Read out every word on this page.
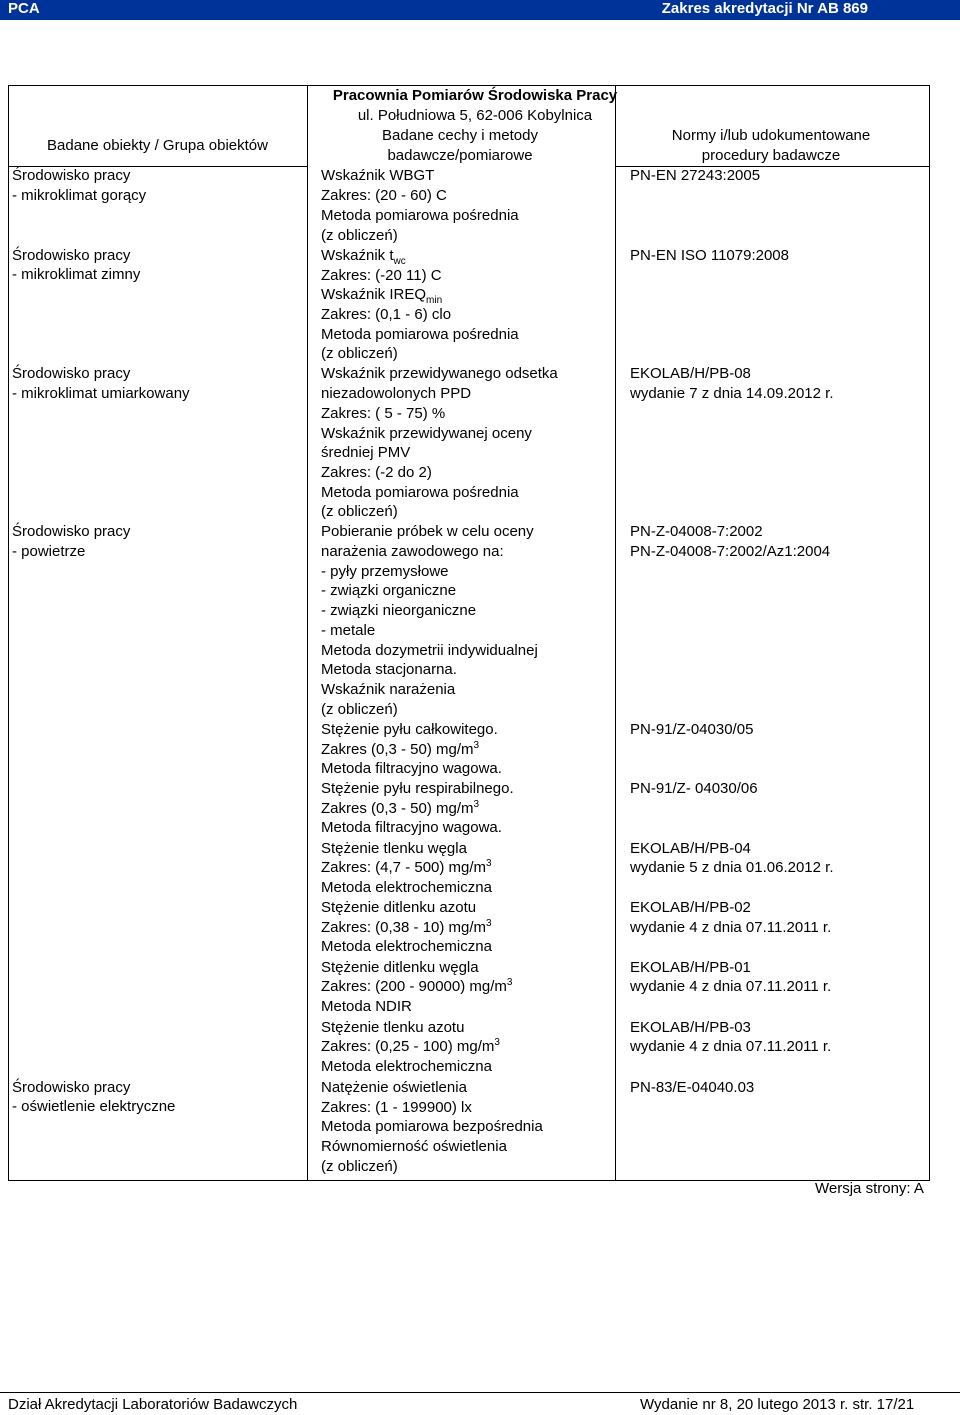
PCA	Zakres akredytacji Nr AB 869
Pracownia Pomiarów Środowiska Pracy
ul. Południowa 5, 62-006 Kobylnica
Badane obiekty / Grupa obiektów
Badane cechy i metody
badawcze/pomiarowe
Normy i/lub udokumentowane
procedury badawcze
Środowisko pracy
- mikroklimat gorący
Wskaźnik WBGT
Zakres: (20 - 60) C
Metoda pomiarowa pośrednia
(z obliczeń)
PN-EN 27243:2005
Środowisko pracy
- mikroklimat zimny
Wskaźnik $t_{wc}$
Zakres: (-20 11) C
Wskaźnik $IREQ_{min}$
Zakres: (0,1 - 6) clo
Metoda pomiarowa pośrednia
(z obliczeń)
PN-EN ISO 11079:2008
Środowisko pracy
- mikroklimat umiarkowany
Wskaźnik przewidywanego odsetka
niezadowolonych PPD
Zakres: ( 5 - 75) %
Wskaźnik przewidywanej oceny
średniej PMV
Zakres: (-2 do 2)
Metoda pomiarowa pośrednia
(z obliczeń)
EKOLAB/H/PB-08
wydanie 7 z dnia 14.09.2012 r.
Środowisko pracy
- powietrze
Pobieranie próbek w celu oceny
narażenia zawodowego na:
- pyły przemysłowe
- związki organiczne
- związki nieorganiczne
- metale
Metoda dozymetrii indywidualnej
Metoda stacjonarna.
Wskaźnik narażenia
(z obliczeń)
PN-Z-04008-7:2002
PN-Z-04008-7:2002/Az1:2004
Stężenie pyłu całkowitego.
Zakres (0,3 - 50) $mg/m^3$
Metoda filtracyjno wagowa.
PN-91/Z-04030/05
Stężenie pyłu respirabilnego.
Zakres (0,3 - 50) $mg/m^3$
Metoda filtracyjno wagowa.
PN-91/Z- 04030/06
Stężenie tlenku węgla
Zakres: (4,7 - 500) $mg/m^3$
Metoda elektrochemiczna
EKOLAB/H/PB-04
wydanie 5 z dnia 01.06.2012 r.
Stężenie ditlenku azotu
Zakres: (0,38 - 10) $mg/m^3$
Metoda elektrochemiczna
EKOLAB/H/PB-02
wydanie 4 z dnia 07.11.2011 r.
Stężenie ditlenku węgla
Zakres: (200 - 90000) $mg/m^3$
Metoda NDIR
EKOLAB/H/PB-01
wydanie 4 z dnia 07.11.2011 r.
Stężenie tlenku azotu
Zakres: (0,25 - 100) $mg/m^3$
Metoda elektrochemiczna
EKOLAB/H/PB-03
wydanie 4 z dnia 07.11.2011 r.
Środowisko pracy
- oświetlenie elektryczne
Natężenie oświetlenia
Zakres: (1 - 199900) lx
Metoda pomiarowa bezpośrednia
Równomierność oświetlenia
(z obliczeń)
PN-83/E-04040.03
Wersja strony: A
Dział Akredytacji Laboratoriów Badawczych	Wydanie nr 8, 20 lutego 2013 r. str. 17/21
